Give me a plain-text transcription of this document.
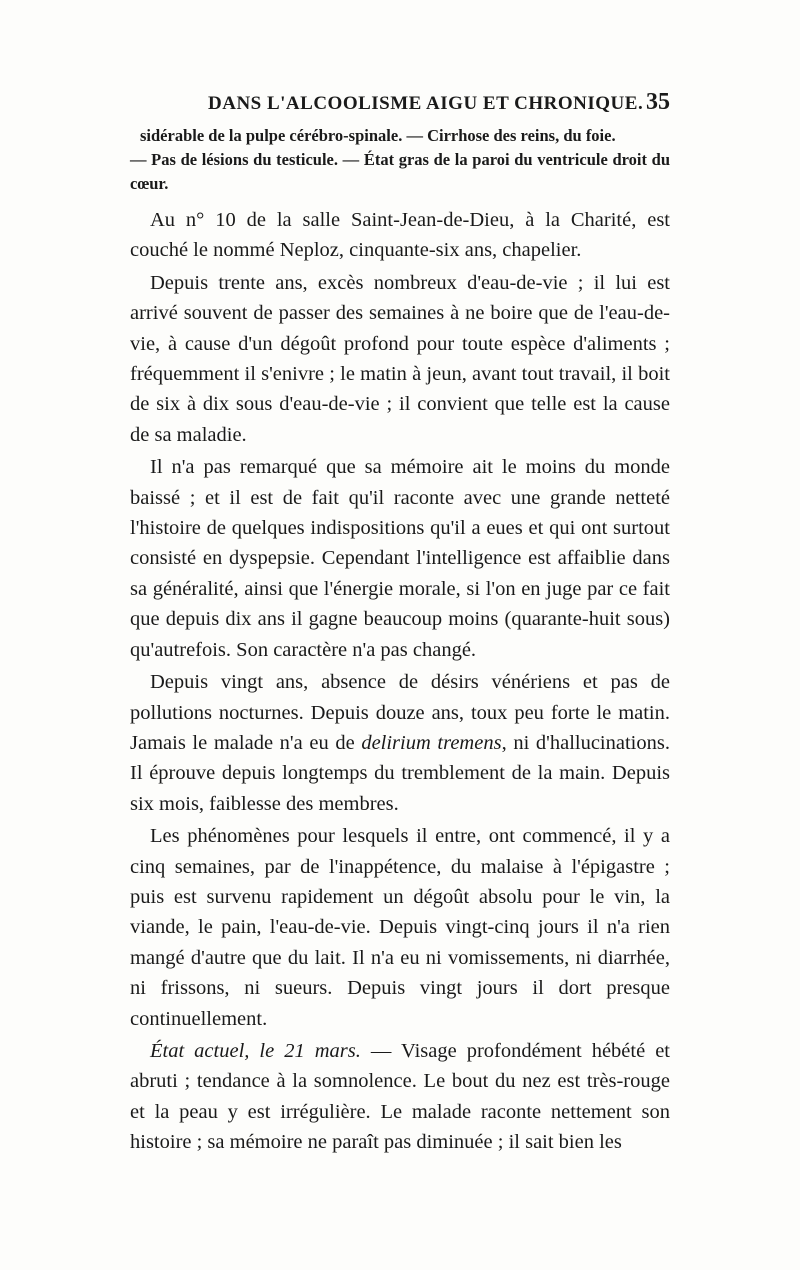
DANS L'ALCOOLISME AIGU ET CHRONIQUE. 35

sidérable de la pulpe cérébro-spinale. — Cirrhose des reins, du foie.

— Pas de lésions du testicule. — État gras de la paroi du ventricule droit du cœur.

Au n° 10 de la salle Saint-Jean-de-Dieu, à la Charité, est couché le nommé Neploz, cinquante-six ans, chapelier.

Depuis trente ans, excès nombreux d'eau-de-vie ; il lui est arrivé souvent de passer des semaines à ne boire que de l'eau-de-vie, à cause d'un dégoût profond pour toute espèce d'aliments ; fréquemment il s'enivre ; le matin à jeun, avant tout travail, il boit de six à dix sous d'eau-de-vie ; il convient que telle est la cause de sa maladie.

Il n'a pas remarqué que sa mémoire ait le moins du monde baissé ; et il est de fait qu'il raconte avec une grande netteté l'histoire de quelques indispositions qu'il a eues et qui ont surtout consisté en dyspepsie. Cependant l'intelligence est affaiblie dans sa généralité, ainsi que l'énergie morale, si l'on en juge par ce fait que depuis dix ans il gagne beaucoup moins (quarante-huit sous) qu'autrefois. Son caractère n'a pas changé.

Depuis vingt ans, absence de désirs vénériens et pas de pollutions nocturnes. Depuis douze ans, toux peu forte le matin. Jamais le malade n'a eu de delirium tremens, ni d'hallucinations. Il éprouve depuis longtemps du tremblement de la main. Depuis six mois, faiblesse des membres.

Les phénomènes pour lesquels il entre, ont commencé, il y a cinq semaines, par de l'inappétence, du malaise à l'épigastre ; puis est survenu rapidement un dégoût absolu pour le vin, la viande, le pain, l'eau-de-vie. Depuis vingt-cinq jours il n'a rien mangé d'autre que du lait. Il n'a eu ni vomissements, ni diarrhée, ni frissons, ni sueurs. Depuis vingt jours il dort presque continuellement.

État actuel, le 21 mars. — Visage profondément hébété et abruti ; tendance à la somnolence. Le bout du nez est très-rouge et la peau y est irrégulière. Le malade raconte nettement son histoire ; sa mémoire ne paraît pas diminuée ; il sait bien les
